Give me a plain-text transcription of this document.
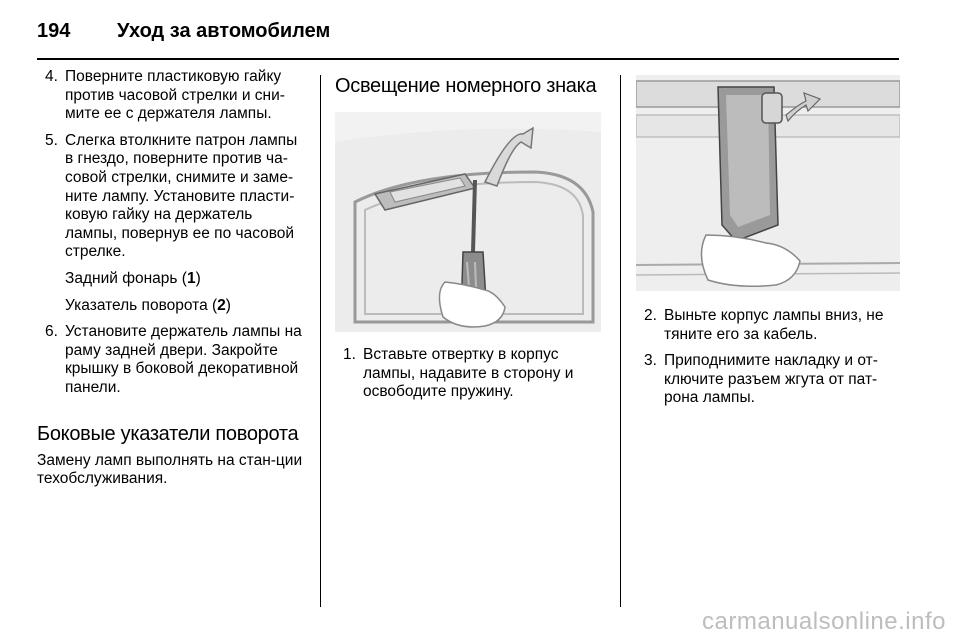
194 Уход за автомобилем
4. Поверните пластиковую гайку против часовой стрелки и сни-мите ее с держателя лампы.
5. Слегка втолкните патрон лампы в гнездо, поверните против ча-совой стрелки, снимите и заме-ните лампу. Установите пласти-ковую гайку на держатель лампы, повернув ее по часовой стрелке.
Задний фонарь (1)
Указатель поворота (2)
6. Установите держатель лампы на раму задней двери. Закройте крышку в боковой декоративной панели.
Боковые указатели поворота

Замену ламп выполнять на стан-ции техобслуживания.

Освещение номерного знака
1. Вставьте отвертку в корпус лампы, надавите в сторону и освободите пружину.
2. Выньте корпус лампы вниз, не тяните его за кабель.
3. Приподнимите накладку и от-ключите разъем жгута от пат-рона лампы.
carmanualsonline.info
